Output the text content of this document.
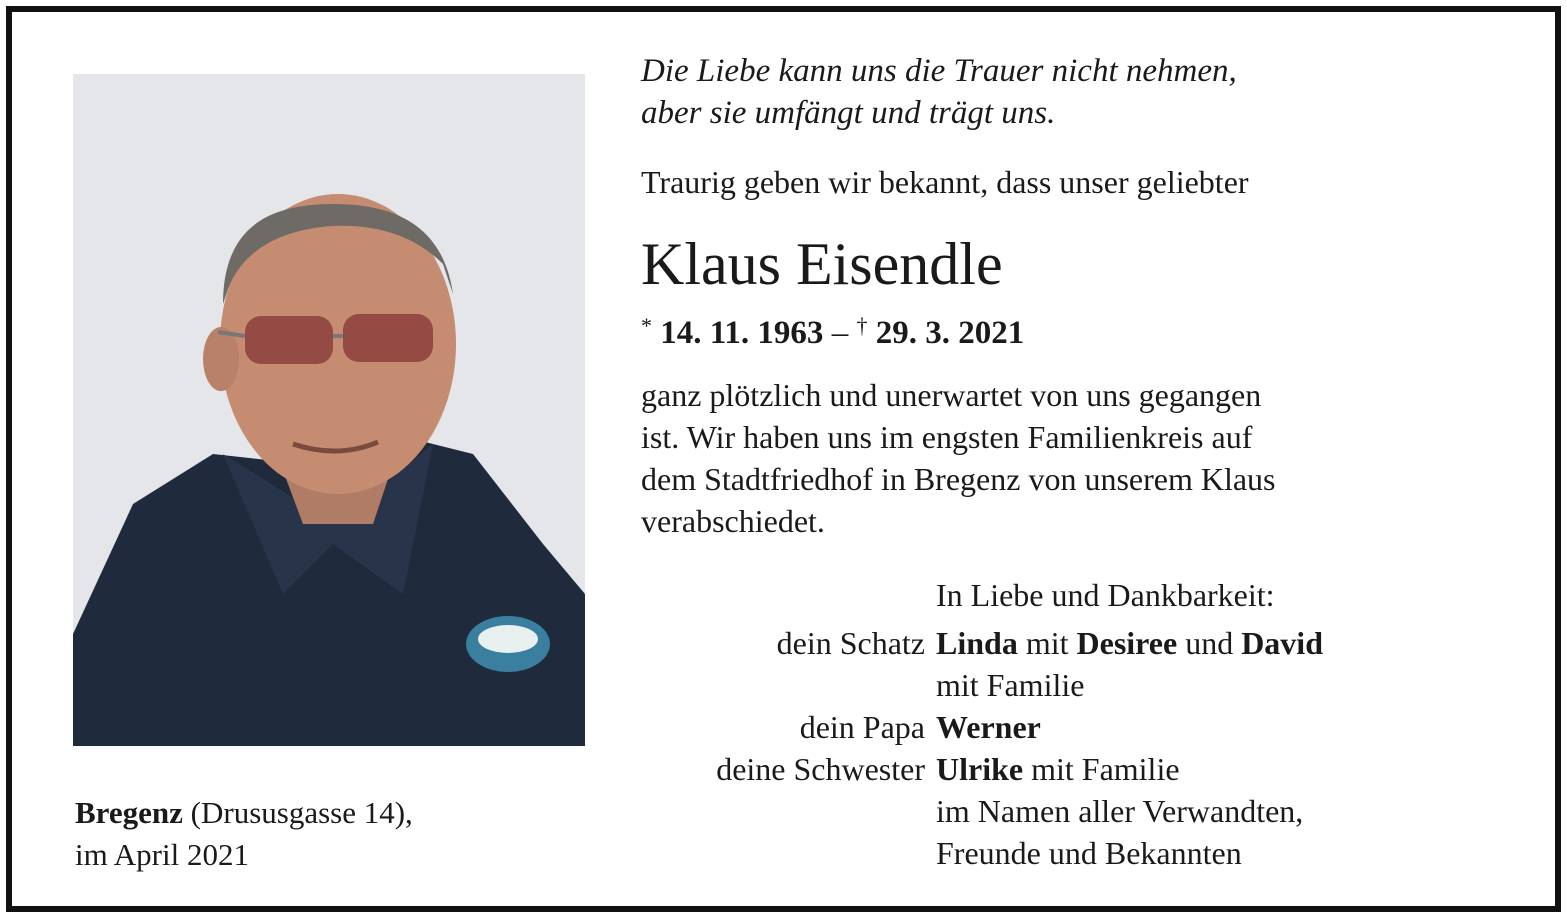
Bregenz (Drususgasse 14),
im April 2021
Die Liebe kann uns die Trauer nicht nehmen,
aber sie umfängt und trägt uns.
Traurig geben wir bekannt, dass unser geliebter
Klaus Eisendle
* 14. 11. 1963 – † 29. 3. 2021
ganz plötzlich und unerwartet von uns gegangen
ist. Wir haben uns im engsten Familienkreis auf
dem Stadtfriedhof in Bregenz von unserem Klaus
verabschiedet.
In Liebe und Dankbarkeit:
dein Schatz Linda mit Desiree und David
mit Familie
dein Papa Werner
deine Schwester Ulrike mit Familie
im Namen aller Verwandten,
Freunde und Bekannten
